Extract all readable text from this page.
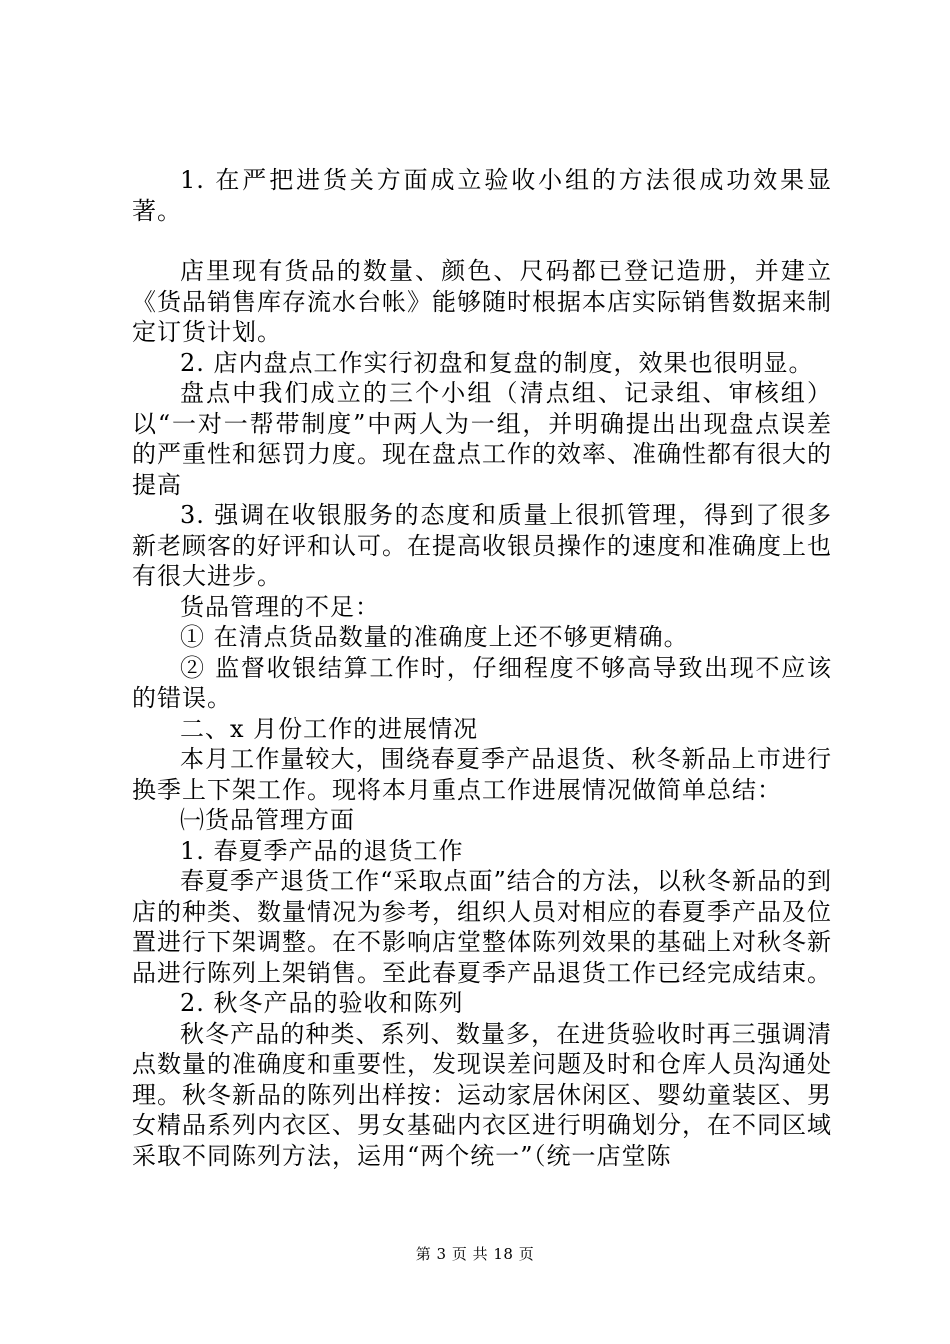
1. 在严把进货关方面成立验收小组的方法很成功效果显著。

店里现有货品的数量、颜色、尺码都已登记造册，并建立《货品销售库存流水台帐》能够随时根据本店实际销售数据来制定订货计划。

2. 店内盘点工作实行初盘和复盘的制度，效果也很明显。

盘点中我们成立的三个小组（清点组、记录组、审核组）以“一对一帮带制度”中两人为一组，并明确提出出现盘点误差的严重性和惩罚力度。现在盘点工作的效率、准确性都有很大的提高

3. 强调在收银服务的态度和质量上很抓管理，得到了很多新老顾客的好评和认可。在提高收银员操作的速度和准确度上也有很大进步。

货品管理的不足：

① 在清点货品数量的准确度上还不够更精确。

② 监督收银结算工作时，仔细程度不够高导致出现不应该的错误。

二、x 月份工作的进展情况

本月工作量较大，围绕春夏季产品退货、秋冬新品上市进行换季上下架工作。现将本月重点工作进展情况做简单总结：

㈠货品管理方面

1. 春夏季产品的退货工作

春夏季产退货工作“采取点面”结合的方法，以秋冬新品的到店的种类、数量情况为参考，组织人员对相应的春夏季产品及位置进行下架调整。在不影响店堂整体陈列效果的基础上对秋冬新品进行陈列上架销售。至此春夏季产品退货工作已经完成结束。

2. 秋冬产品的验收和陈列

秋冬产品的种类、系列、数量多，在进货验收时再三强调清点数量的准确度和重要性，发现误差问题及时和仓库人员沟通处理。秋冬新品的陈列出样按：运动家居休闲区、婴幼童装区、男女精品系列内衣区、男女基础内衣区进行明确划分，在不同区域采取不同陈列方法，运用“两个统一”（统一店堂陈

第 3 页 共 18 页
